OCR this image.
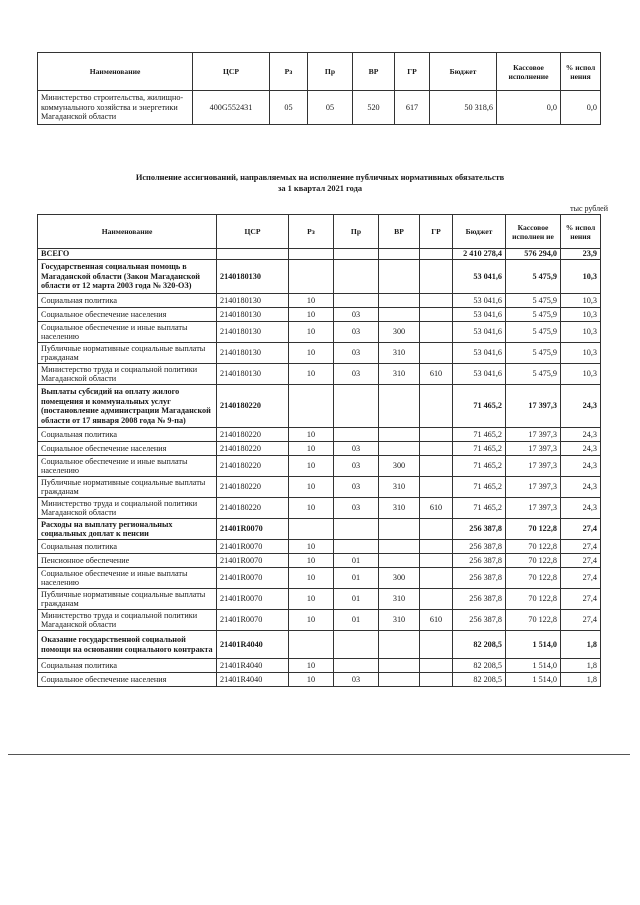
Наименование	ЦСР	Рз	Пр	ВР	ГР	Бюджет	Кассовое исполнение	% испол нения
Министерство строительства, жилищно-коммунального хозяйства и энергетики Магаданской области	400G552431	05	05	520	617	50 318,6	0,0	0,0
Исполнение ассигнований, направляемых на исполнение публичных нормативных обязательств
за 1 квартал 2021 года
тыс рублей
Наименование	ЦСР	Рз	Пр	ВР	ГР	Бюджет	Кассовое исполнен ие	% испол нения
ВСЕГО						2 410 278,4	576 294,0	23,9
Государственная социальная помощь в Магаданской области (Закон Магаданской области от 12 марта 2003 года № 320-ОЗ)	2140180130					53 041,6	5 475,9	10,3
Социальная политика	2140180130	10				53 041,6	5 475,9	10,3
Социальное обеспечение населения	2140180130	10	03			53 041,6	5 475,9	10,3
Социальное обеспечение и иные выплаты населению	2140180130	10	03	300		53 041,6	5 475,9	10,3
Публичные нормативные социальные выплаты гражданам	2140180130	10	03	310		53 041,6	5 475,9	10,3
Министерство труда и социальной политики Магаданской области	2140180130	10	03	310	610	53 041,6	5 475,9	10,3
Выплаты субсидий на оплату жилого помещения и коммунальных услуг (постановление администрации Магаданской области от 17 января 2008 года № 9-па)	2140180220					71 465,2	17 397,3	24,3
Социальная политика	2140180220	10				71 465,2	17 397,3	24,3
Социальное обеспечение населения	2140180220	10	03			71 465,2	17 397,3	24,3
Социальное обеспечение и иные выплаты населению	2140180220	10	03	300		71 465,2	17 397,3	24,3
Публичные нормативные социальные выплаты гражданам	2140180220	10	03	310		71 465,2	17 397,3	24,3
Министерство труда и социальной политики Магаданской области	2140180220	10	03	310	610	71 465,2	17 397,3	24,3
Расходы на выплату региональных социальных доплат к пенсии	21401R0070					256 387,8	70 122,8	27,4
Социальная политика	21401R0070	10				256 387,8	70 122,8	27,4
Пенсионное обеспечение	21401R0070	10	01			256 387,8	70 122,8	27,4
Социальное обеспечение и иные выплаты населению	21401R0070	10	01	300		256 387,8	70 122,8	27,4
Публичные нормативные социальные выплаты гражданам	21401R0070	10	01	310		256 387,8	70 122,8	27,4
Министерство труда и социальной политики Магаданской области	21401R0070	10	01	310	610	256 387,8	70 122,8	27,4
Оказание государственной социальной помощи на основании социального контракта	21401R4040					82 208,5	1 514,0	1,8
Социальная политика	21401R4040	10				82 208,5	1 514,0	1,8
Социальное обеспечение населения	21401R4040	10	03			82 208,5	1 514,0	1,8
